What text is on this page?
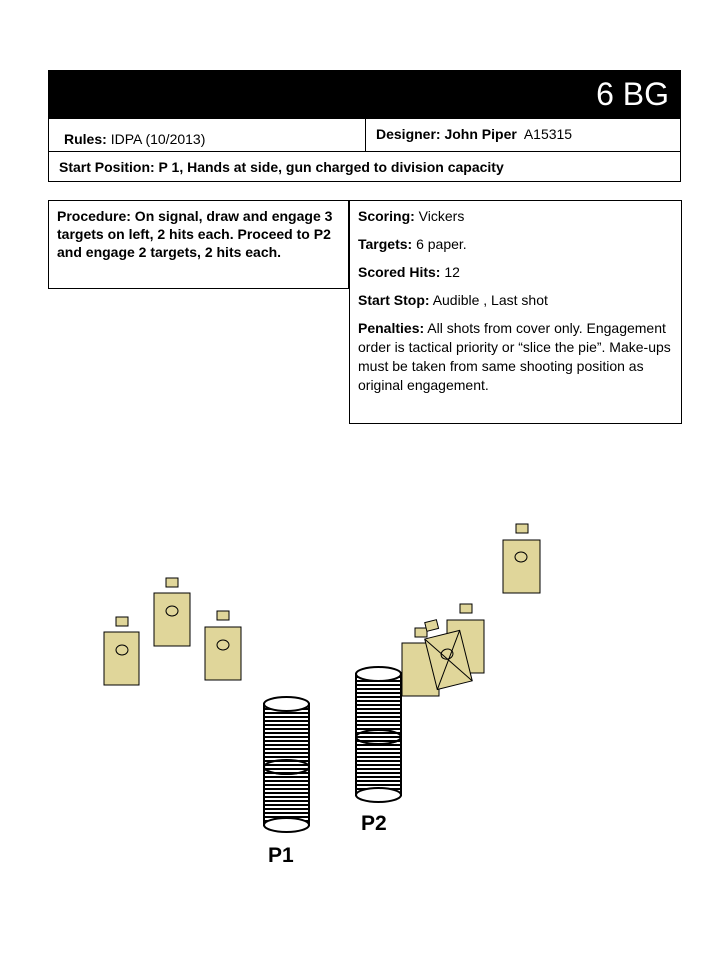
6 BG
Rules: IDPA (10/2013)	Designer: John Piper A15315
Start Position: P 1, Hands at side, gun charged to division capacity
Procedure: On signal, draw and engage 3 targets on left, 2 hits each. Proceed to P2 and engage 2 targets, 2 hits each.
Scoring: Vickers
Targets: 6 paper.
Scored Hits: 12
Start Stop: Audible , Last shot
Penalties: All shots from cover only. Engagement order is tactical priority or “slice the pie”. Make-ups must be taken from same shooting position as original engagement.
P2
P1
